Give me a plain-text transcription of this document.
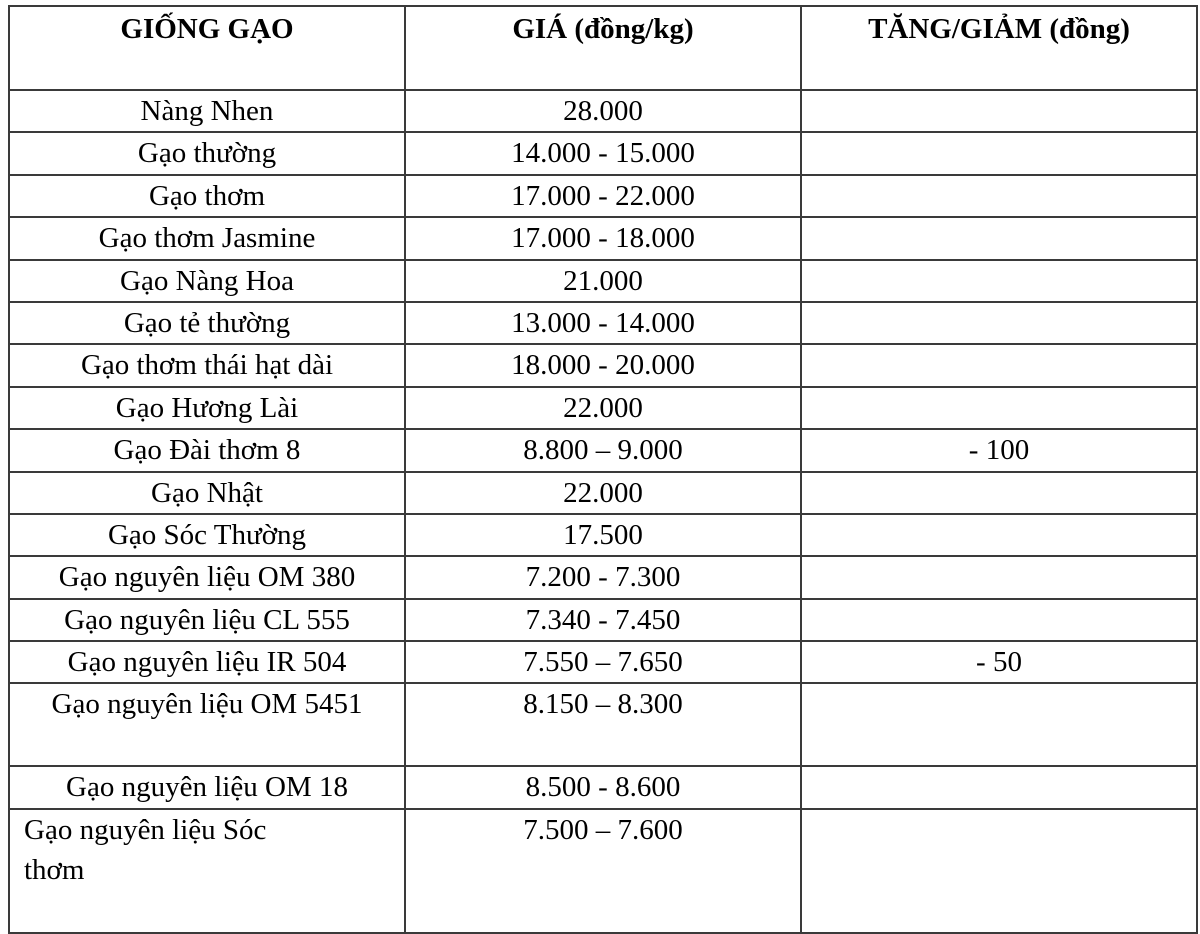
GIỐNG GẠO	GIÁ (đồng/kg)	TĂNG/GIẢM (đồng)
Nàng Nhen	28.000	
Gạo thường	14.000 - 15.000	
Gạo thơm	17.000 - 22.000	
Gạo thơm Jasmine	17.000 - 18.000	
Gạo Nàng Hoa	21.000	
Gạo tẻ thường	13.000 - 14.000	
Gạo thơm thái hạt dài	18.000 - 20.000	
Gạo Hương Lài	22.000	
Gạo Đài thơm 8	8.800 – 9.000	- 100
Gạo Nhật	22.000	
Gạo Sóc Thường	17.500	
Gạo nguyên liệu OM 380	7.200 - 7.300	
Gạo nguyên liệu CL 555	7.340 - 7.450	
Gạo nguyên liệu IR 504	7.550 – 7.650	- 50
Gạo nguyên liệu OM 5451	8.150 – 8.300	
Gạo nguyên liệu OM 18	8.500 - 8.600	
Gạo nguyên liệu Sóc thơm	7.500 – 7.600	
